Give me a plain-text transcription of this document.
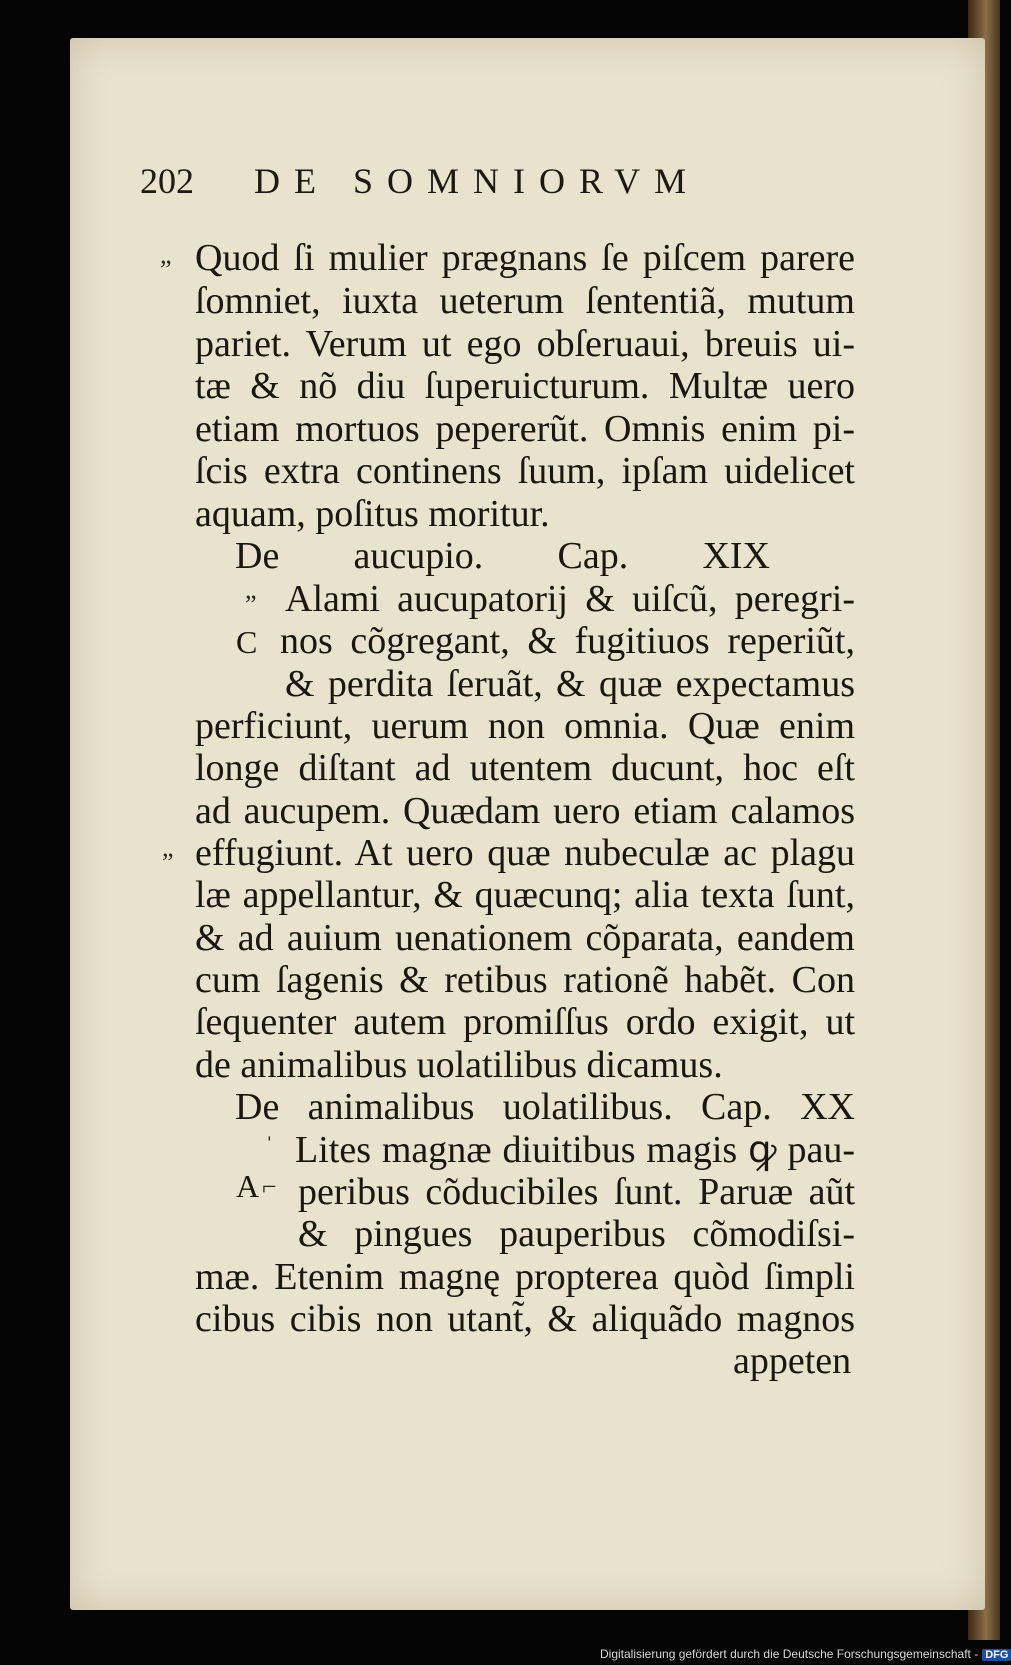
202 DE SOMNIORVM
”
”
”
ˈ
⌐
C
A
Quod ſi mulier prægnans ſe piſcem parere
ſomniet, iuxta ueterum ſententiã, mutum
pariet. Verum ut ego obſeruaui, breuis ui-
tæ & nõ diu ſuperuicturum. Multæ uero
etiam mortuos pepererũt. Omnis enim pi-
ſcis extra continens ſuum, ipſam uidelicet
aquam, poſitus moritur.
De aucupio. Cap. XIX
Alami aucupatorij & uiſcũ, peregri-
nos cõgregant, & fugitiuos reperiũt,
& perdita ſeruãt, & quæ expectamus
perficiunt, uerum non omnia. Quæ enim
longe diſtant ad utentem ducunt, hoc eſt
ad aucupem. Quædam uero etiam calamos
effugiunt. At uero quæ nubeculæ ac plagu
læ appellantur, & quæcunq; alia texta ſunt,
& ad auium uenationem cõparata, eandem
cum ſagenis & retibus rationẽ habẽt. Con
ſequenter autem promiſſus ordo exigit, ut
de animalibus uolatilibus dicamus.
De animalibus uolatilibus. Cap. XX
Lites magnæ diuitibus magis ꝙ pau-
peribus cõducibiles ſunt. Paruæ aũt
& pingues pauperibus cõmodiſsi-
mæ. Etenim magnę propterea quòd ſimpli
cibus cibis non utant̃, & aliquãdo magnos
appeten
Digitalisierung gefördert durch die Deutsche Forschungsgemeinschaft - DFG
